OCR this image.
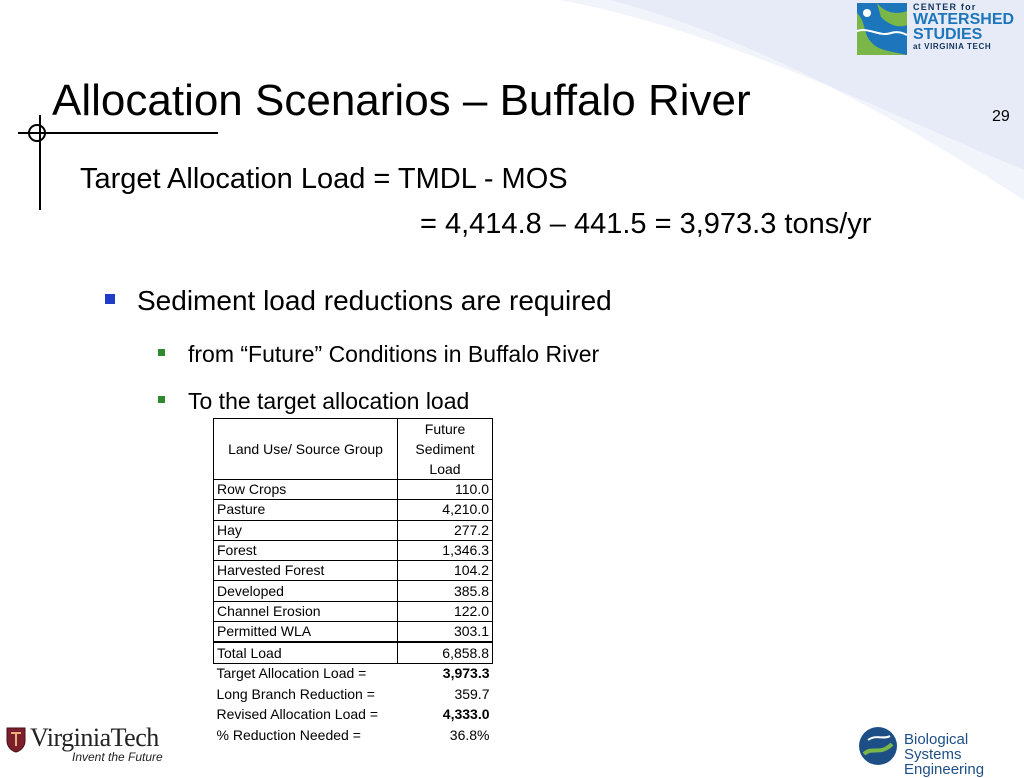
CENTER for
WATERSHED
STUDIES
at VIRGINIA TECH
Allocation Scenarios – Buffalo River	29
Target Allocation Load = TMDL - MOS
= 4,414.8 – 441.5 = 3,973.3 tons/yr
Sediment load reductions are required
from “Future” Conditions in Buffalo River
To the target allocation load
Land Use/ Source Group	Future
Sediment
Load
Row Crops	110.0
Pasture	4,210.0
Hay	277.2
Forest	1,346.3
Harvested Forest	104.2
Developed	385.8
Channel Erosion	122.0
Permitted WLA	303.1
Total Load	6,858.8
Target Allocation Load =	3,973.3
Long Branch Reduction =	359.7
Revised Allocation Load =	4,333.0
% Reduction Needed =	36.8%
VirginiaTech
Invent the Future
Biological Systems
Engineering
